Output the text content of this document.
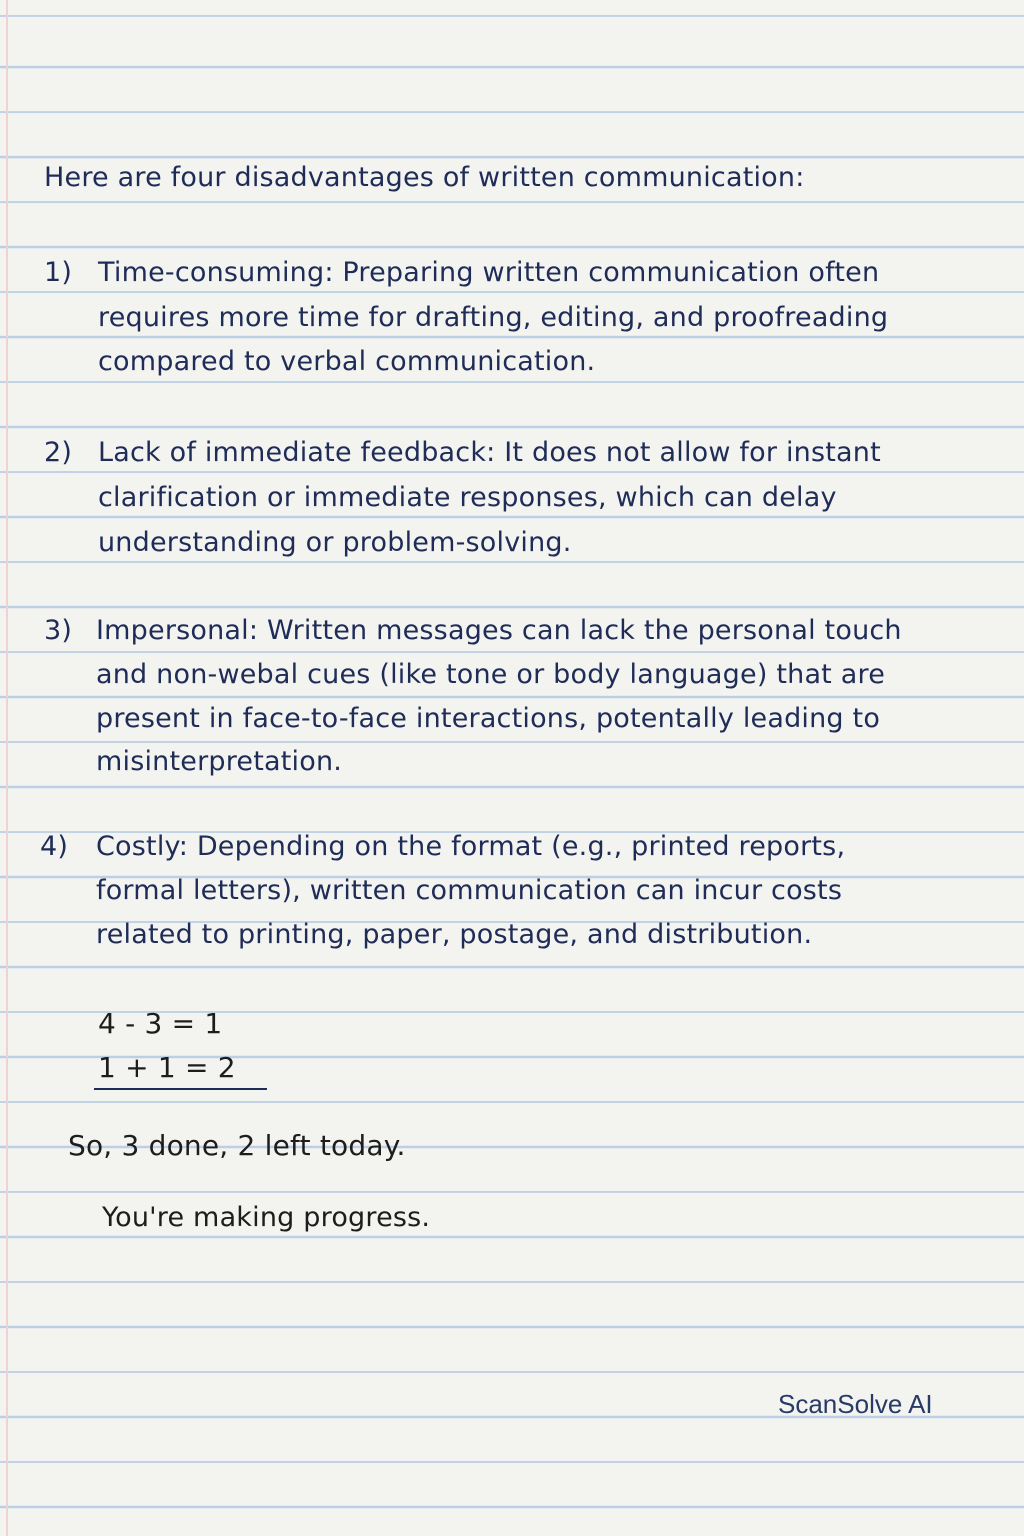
Here are four disadvantages of written communication:
1) Time-consuming: Preparing written communication often
requires more time for drafting, editing, and proofreading
compared to verbal communication.
2) Lack of immediate feedback: It does not allow for instant
clarification or immediate responses, which can delay
understanding or problem-solving.
3) Impersonal: Written messages can lack the personal touch
and non-webal cues (like tone or body language) that are
present in face-to-face interactions, potentally leading to
misinterpretation.
4) Costly: Depending on the format (e.g., printed reports,
formal letters), written communication can incur costs
related to printing, paper, postage, and distribution.
4 - 3 = 1
1 + 1 = 2
So, 3 done, 2 left today.
You're making progress.
ScanSolve AI
